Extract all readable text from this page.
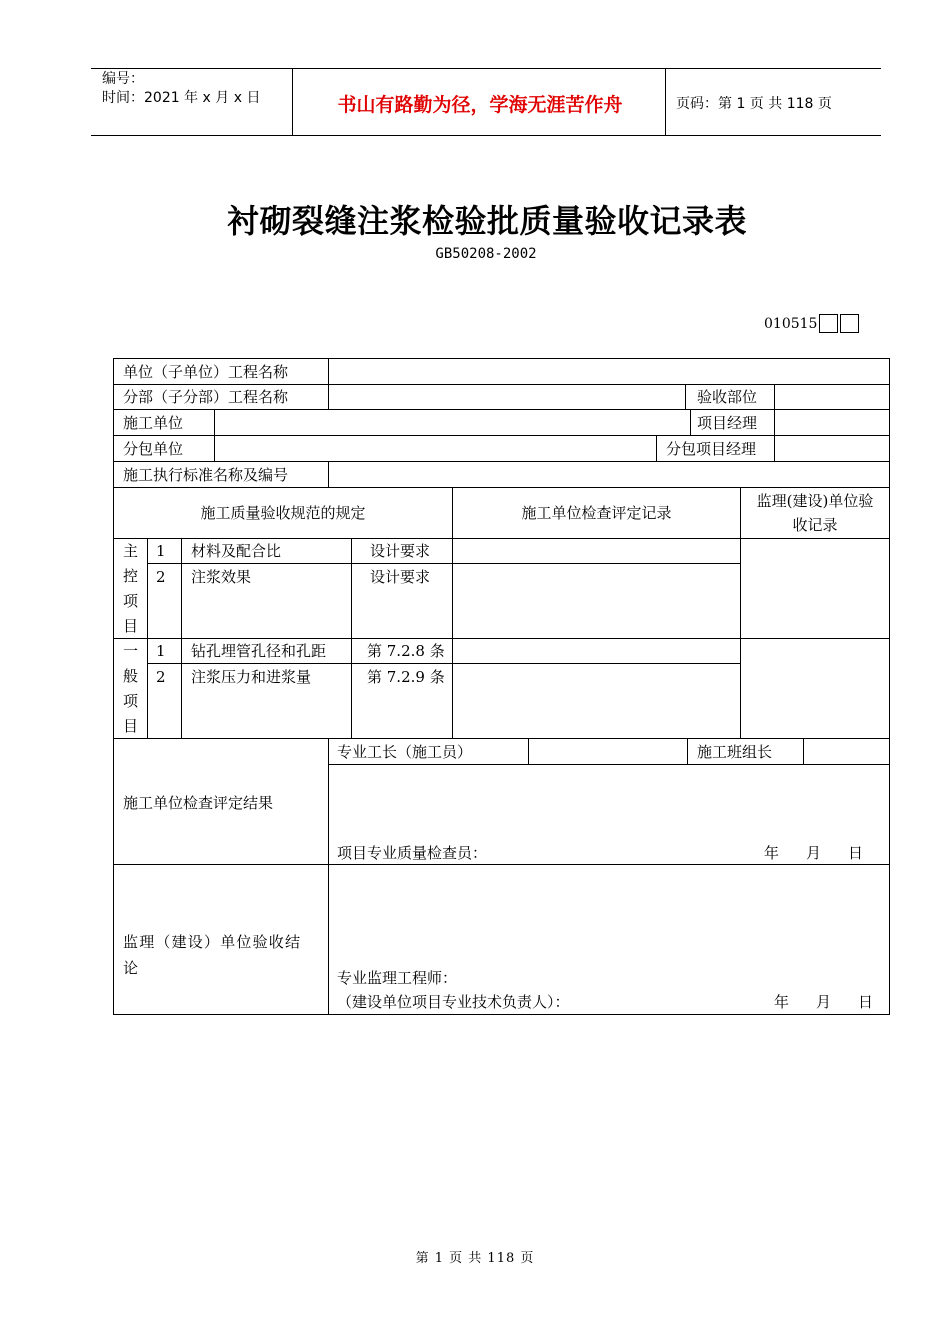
编号：
时间：2021 年 x 月 x 日	书山有路勤为径，学海无涯苦作舟	页码：第 1 页 共 118 页
衬砌裂缝注浆检验批质量验收记录表
GB50208-2002
010515
单位（子单位）工程名称
分部（子分部）工程名称	验收部位
施工单位	项目经理
分包单位	分包项目经理
施工执行标准名称及编号
施工质量验收规范的规定	施工单位检查评定记录
监理(建设)单位验
收记录
主
控
项
目
1 材料及配合比	设计要求
2 注浆效果	设计要求
一
般
项
目
1 钻孔埋管孔径和孔距	第 7.2.8 条
2 注浆压力和进浆量	第 7.2.9 条
专业工长（施工员）	施工班组长
施工单位检查评定结果
项目专业质量检查员：	年 月 日
监理（建设）单位验收结
论
专业监理工程师：
（建设单位项目专业技术负责人）：	年 月 日
第 1 页 共 118 页
